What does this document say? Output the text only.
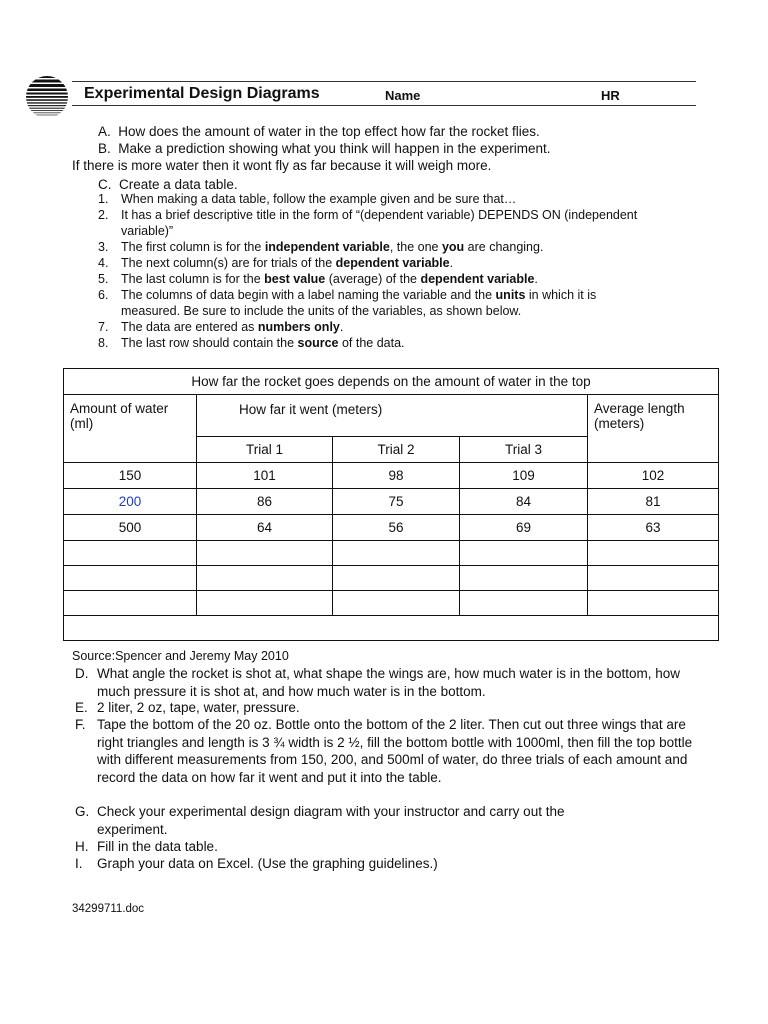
Experimental Design Diagrams	Name	HR
A. How does the amount of water in the top effect how far the rocket flies.
B. Make a prediction showing what you think will happen in the experiment.
If there is more water then it wont fly as far because it will weigh more.
C. Create a data table.
1. When making a data table, follow the example given and be sure that…
2. It has a brief descriptive title in the form of “(dependent variable) DEPENDS ON (independent
variable)”
3. The first column is for the independent variable, the one you are changing.
4. The next column(s) are for trials of the dependent variable.
5. The last column is for the best value (average) of the dependent variable.
6. The columns of data begin with a label naming the variable and the units in which it is
measured. Be sure to include the units of the variables, as shown below.
7. The data are entered as numbers only.
8. The last row should contain the source of the data.
How far the rocket goes depends on the amount of water in the top				
Amount of water
(ml)	How far it went (meters)			Average length
(meters)
	Trial 1	Trial 2	Trial 3	
150	101	98	109	102
200	86	75	84	81
500	64	56	69	63

Source:Spencer and Jeremy May 2010
D. What angle the rocket is shot at, what shape the wings are, how much water is in the bottom, how much pressure it is shot at, and how much water is in the bottom.
E. 2 liter, 2 oz, tape, water, pressure.
F. Tape the bottom of the 20 oz. Bottle onto the bottom of the 2 liter. Then cut out three wings that are right triangles and length is 3 ¾ width is 2 ½, fill the bottom bottle with 1000ml, then fill the top bottle with different measurements from 150, 200, and 500ml of water, do three trials of each amount and record the data on how far it went and put it into the table.
G. Check your experimental design diagram with your instructor and carry out the experiment.
H. Fill in the data table.
I. Graph your data on Excel. (Use the graphing guidelines.)
34299711.doc
